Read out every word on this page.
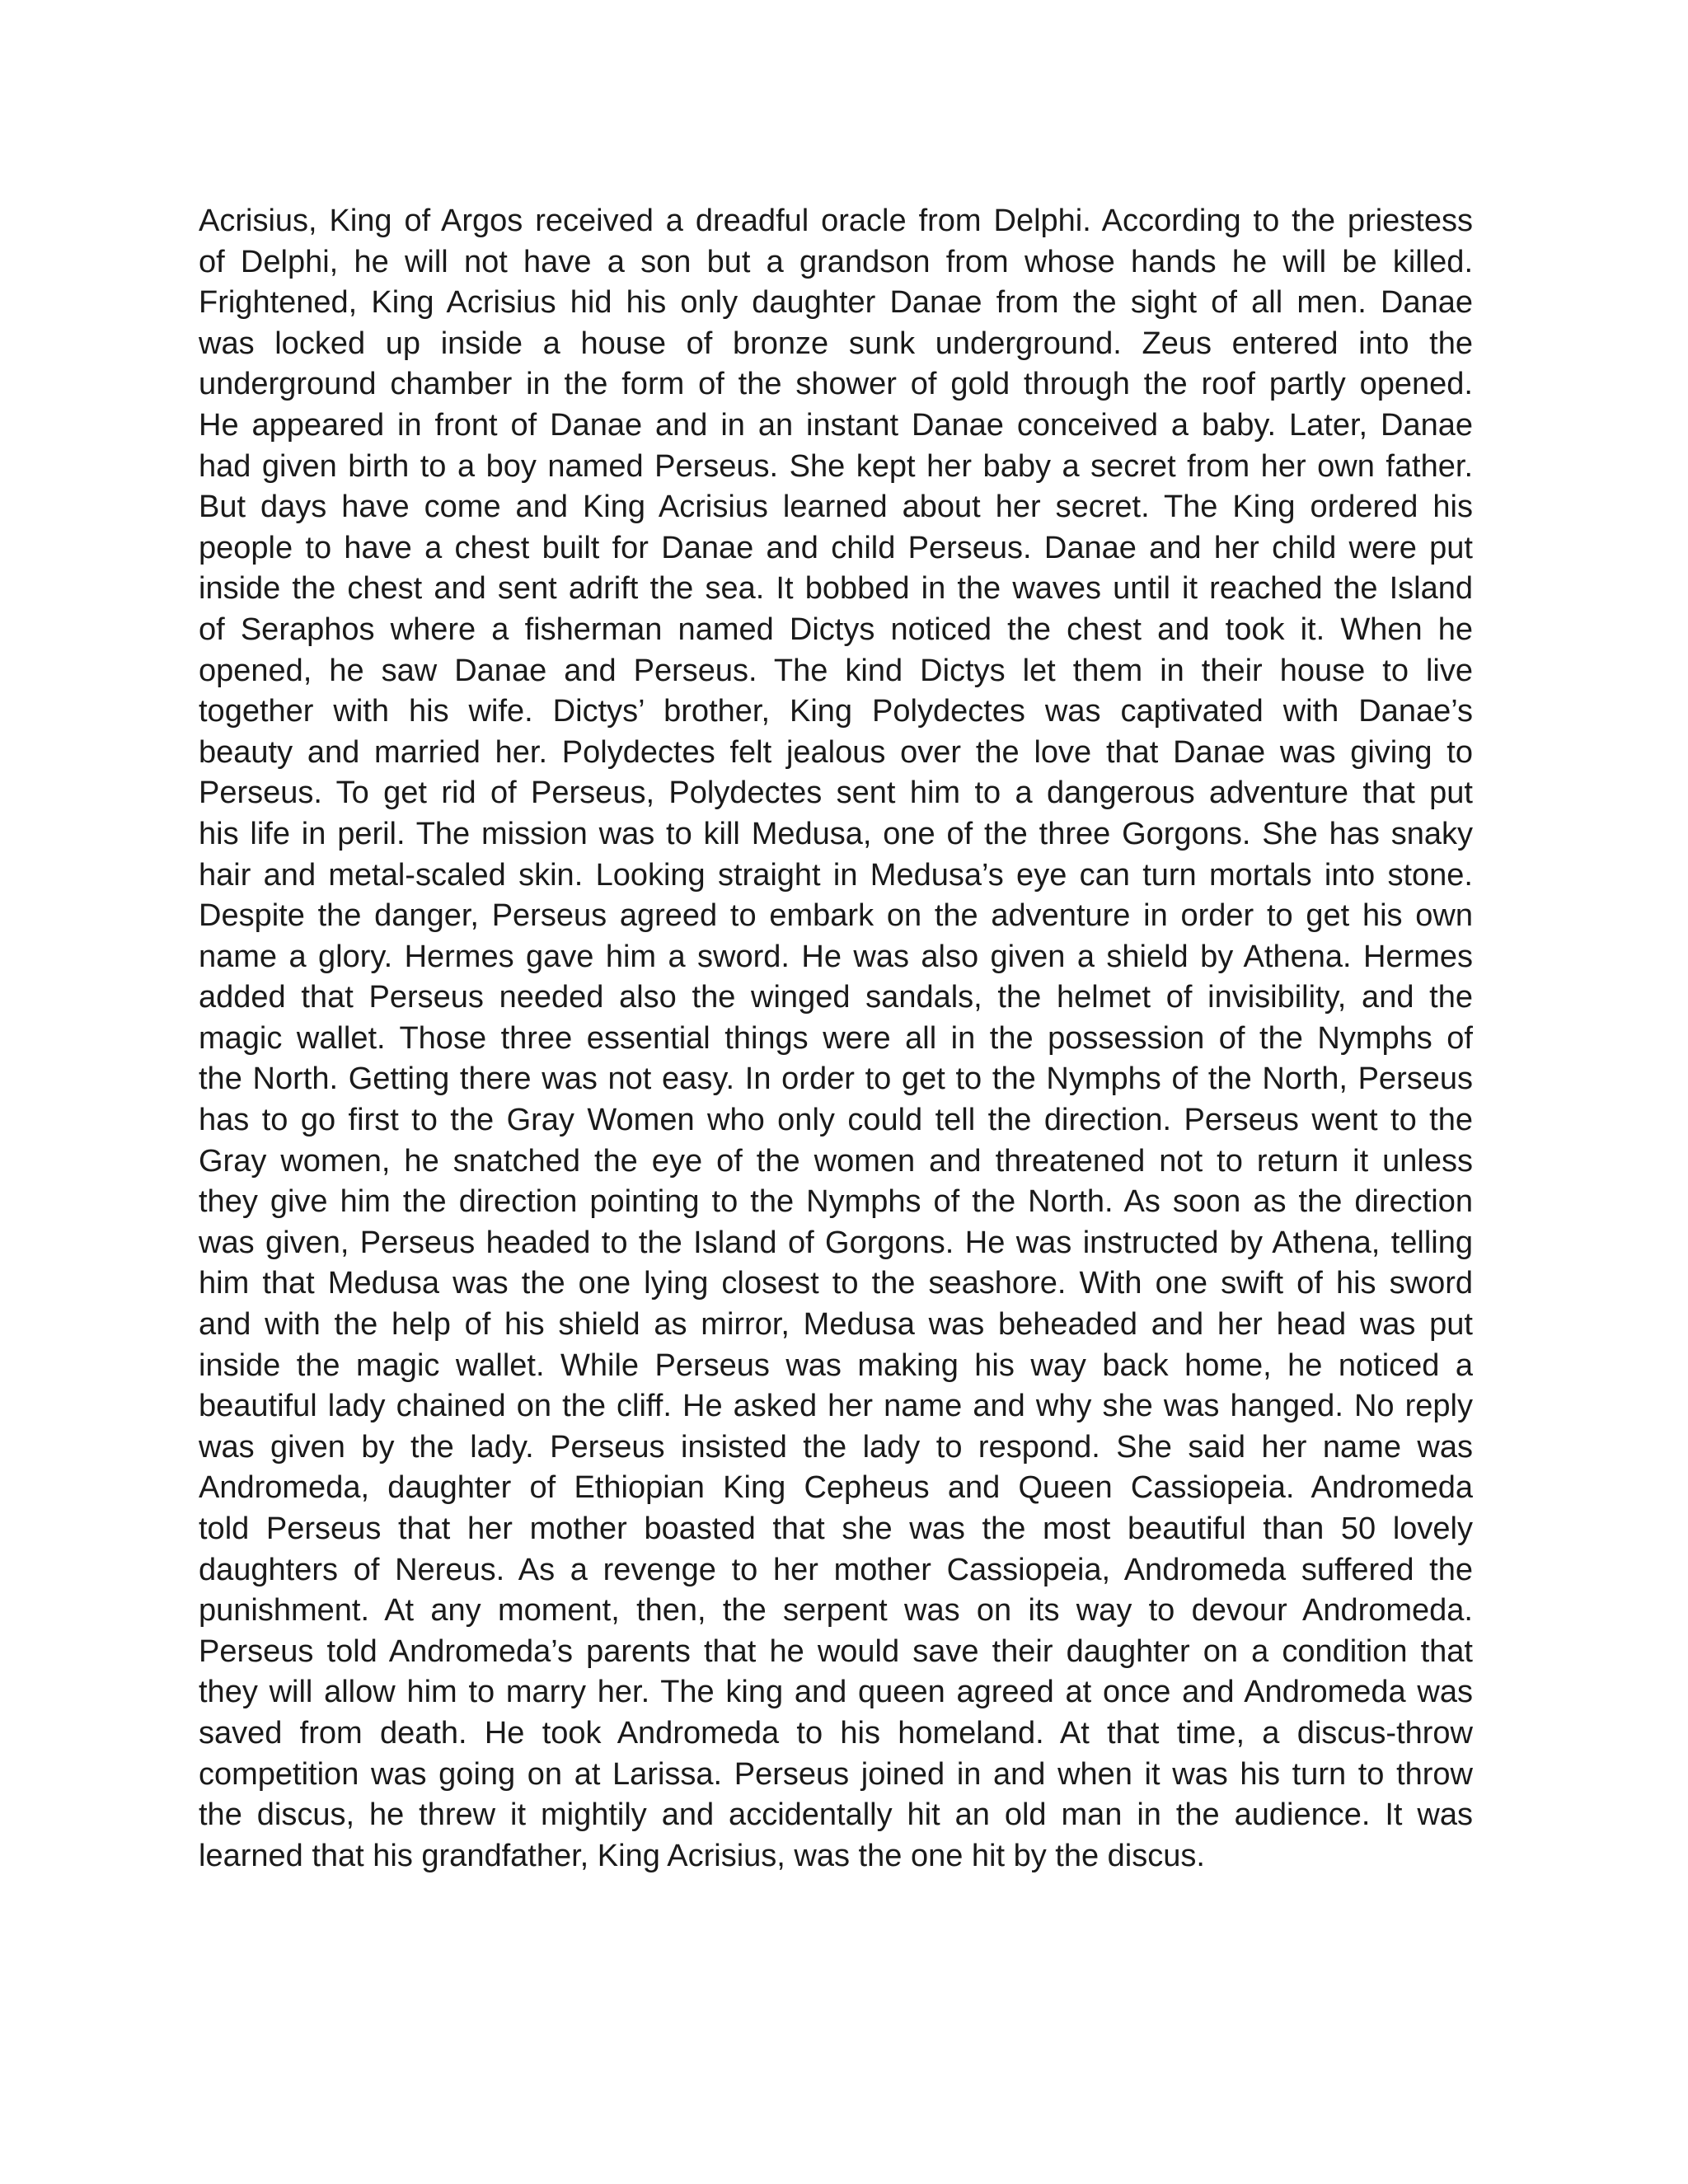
Acrisius, King of Argos received a dreadful oracle from Delphi. According to the priestess
of Delphi, he will not have a son but a grandson from whose hands he will be killed.
Frightened, King Acrisius hid his only daughter Danae from the sight of all men. Danae
was locked up inside a house of bronze sunk underground. Zeus entered into the
underground chamber in the form of the shower of gold through the roof partly opened.
He appeared in front of Danae and in an instant Danae conceived a baby. Later, Danae
had given birth to a boy named Perseus. She kept her baby a secret from her own father.
But days have come and King Acrisius learned about her secret. The King ordered his
people to have a chest built for Danae and child Perseus. Danae and her child were put
inside the chest and sent adrift the sea. It bobbed in the waves until it reached the Island
of Seraphos where a fisherman named Dictys noticed the chest and took it. When he
opened, he saw Danae and Perseus. The kind Dictys let them in their house to live
together with his wife. Dictys’ brother, King Polydectes was captivated with Danae’s
beauty and married her. Polydectes felt jealous over the love that Danae was giving to
Perseus. To get rid of Perseus, Polydectes sent him to a dangerous adventure that put
his life in peril. The mission was to kill Medusa, one of the three Gorgons. She has snaky
hair and metal-scaled skin. Looking straight in Medusa’s eye can turn mortals into stone.
Despite the danger, Perseus agreed to embark on the adventure in order to get his own
name a glory. Hermes gave him a sword. He was also given a shield by Athena. Hermes
added that Perseus needed also the winged sandals, the helmet of invisibility, and the
magic wallet. Those three essential things were all in the possession of the Nymphs of
the North. Getting there was not easy. In order to get to the Nymphs of the North, Perseus
has to go first to the Gray Women who only could tell the direction. Perseus went to the
Gray women, he snatched the eye of the women and threatened not to return it unless
they give him the direction pointing to the Nymphs of the North. As soon as the direction
was given, Perseus headed to the Island of Gorgons. He was instructed by Athena, telling
him that Medusa was the one lying closest to the seashore. With one swift of his sword
and with the help of his shield as mirror, Medusa was beheaded and her head was put
inside the magic wallet. While Perseus was making his way back home, he noticed a
beautiful lady chained on the cliff. He asked her name and why she was hanged. No reply
was given by the lady. Perseus insisted the lady to respond. She said her name was
Andromeda, daughter of Ethiopian King Cepheus and Queen Cassiopeia. Andromeda
told Perseus that her mother boasted that she was the most beautiful than 50 lovely
daughters of Nereus. As a revenge to her mother Cassiopeia, Andromeda suffered the
punishment. At any moment, then, the serpent was on its way to devour Andromeda.
Perseus told Andromeda’s parents that he would save their daughter on a condition that
they will allow him to marry her. The king and queen agreed at once and Andromeda was
saved from death. He took Andromeda to his homeland. At that time, a discus-throw
competition was going on at Larissa. Perseus joined in and when it was his turn to throw
the discus, he threw it mightily and accidentally hit an old man in the audience. It was
learned that his grandfather, King Acrisius, was the one hit by the discus.
